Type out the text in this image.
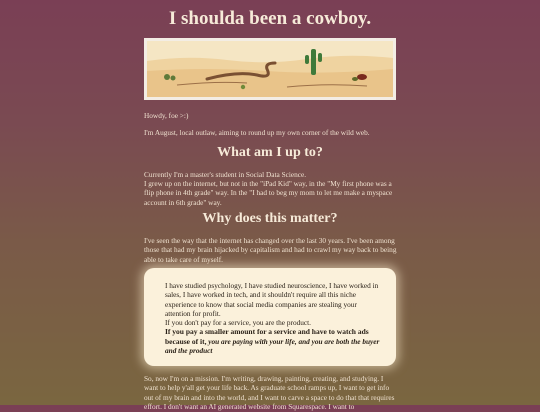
I shoulda been a cowboy.

Howdy, foe >:)

I'm August, local outlaw, aiming to round up my own corner of the wild web.

What am I up to?

Currently I'm a master's student in Social Data Science.

I grew up on the internet, but not in the "iPad Kid" way, in the "My first phone was a flip phone in 4th grade" way. In the "I had to beg my mom to let me make a myspace account in 6th grade" way.

Why does this matter?

I've seen the way that the internet has changed over the last 30 years. I've been among those that had my brain hijacked by capitalism and had to crawl my way back to being able to take care of myself.

I have studied psychology, I have studied neuroscience, I have worked in sales, I have worked in tech, and it shouldn't require all this niche experience to know that social media companies are stealing your attention for profit.
If you don't pay for a service, you are the product.
If you pay a smaller amount for a service and have to watch ads because of it, you are paying with your life, and you are both the buyer and the product

So, now I'm on a mission. I'm writing, drawing, painting, creating, and studying. I want to help y'all get your life back. As graduate school ramps up, I want to get info out of my brain and into the world, and I want to carve a space to do that that requires effort. I don't want an AI generated website from Squarespace. I want to
